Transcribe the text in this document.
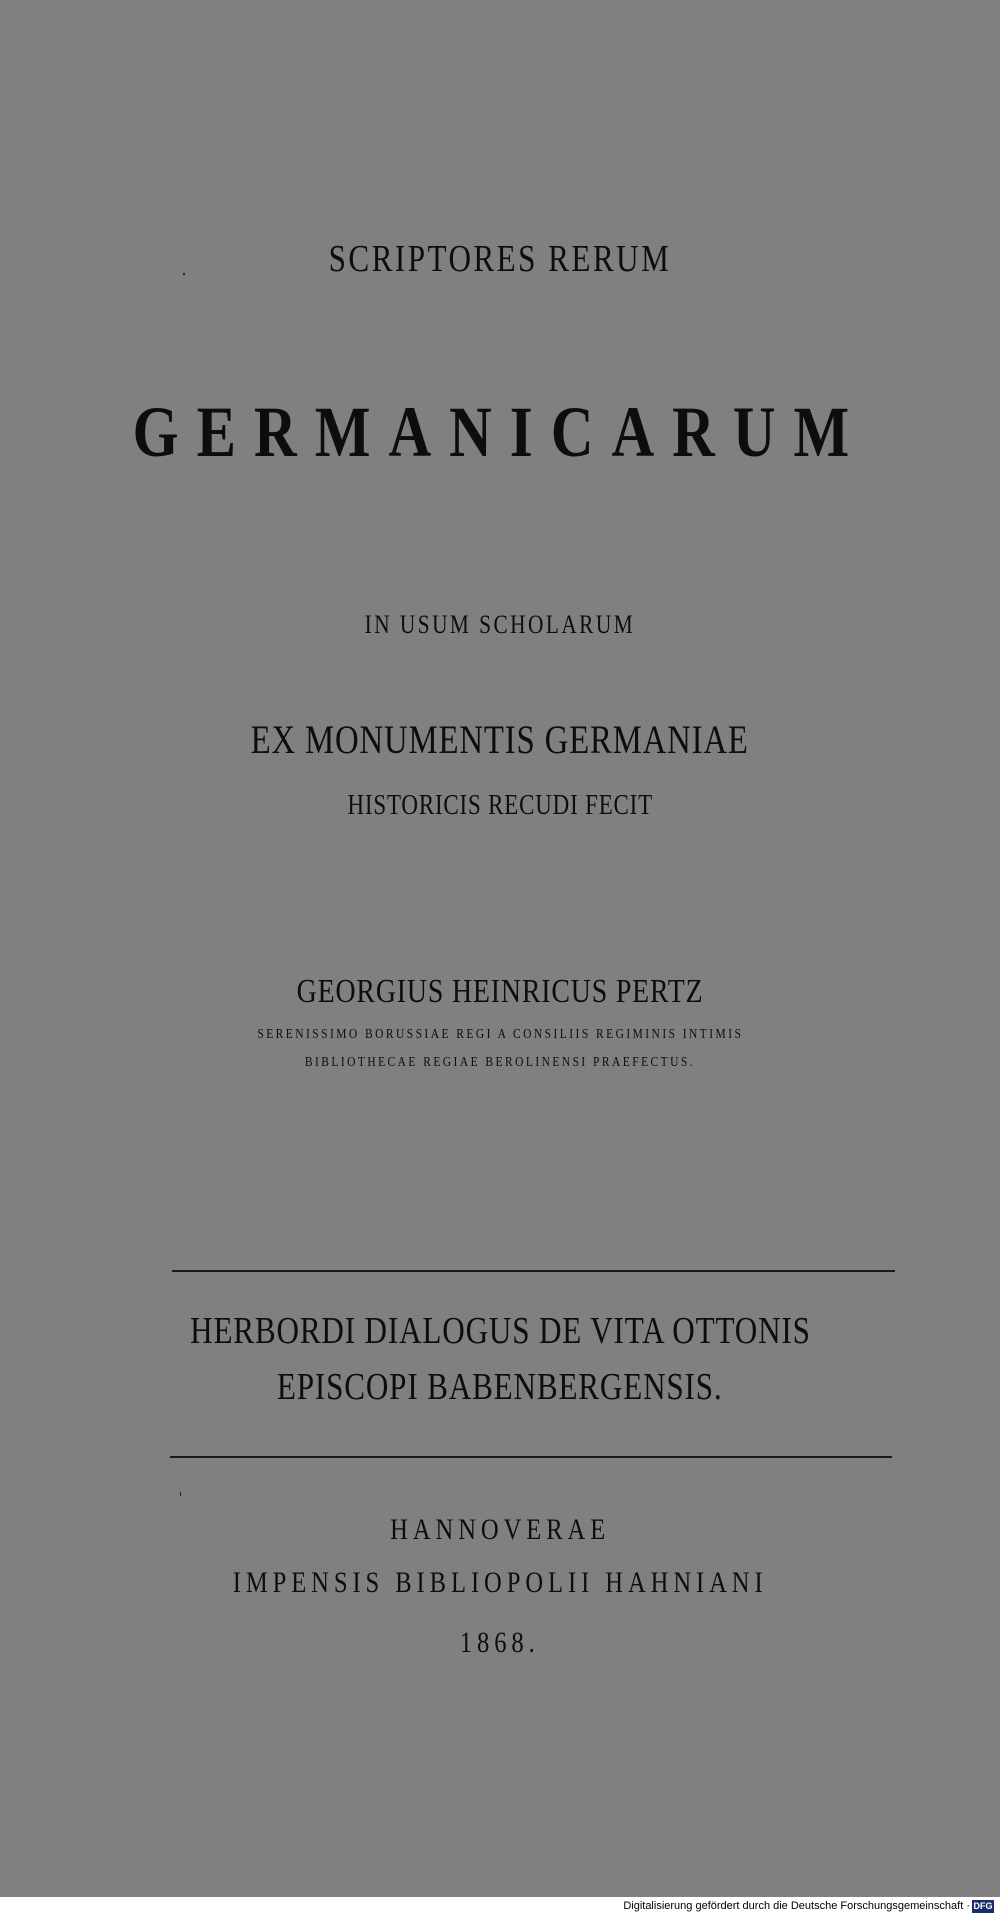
SCRIPTORES RERUM
GERMANICARUM
IN USUM SCHOLARUM
EX MONUMENTIS GERMANIAE
HISTORICIS RECUDI FECIT
GEORGIUS HEINRICUS PERTZ
SERENISSIMO BORUSSIAE REGI A CONSILIIS REGIMINIS INTIMIS
BIBLIOTHECAE REGIAE BEROLINENSI PRAEFECTUS.
HERBORDI DIALOGUS DE VITA OTTONIS
EPISCOPI BABENBERGENSIS.
HANNOVERAE
IMPENSIS BIBLIOPOLII HAHNIANI
1868.
Digitalisierung gefördert durch die Deutsche Forschungsgemeinschaft · DFG
